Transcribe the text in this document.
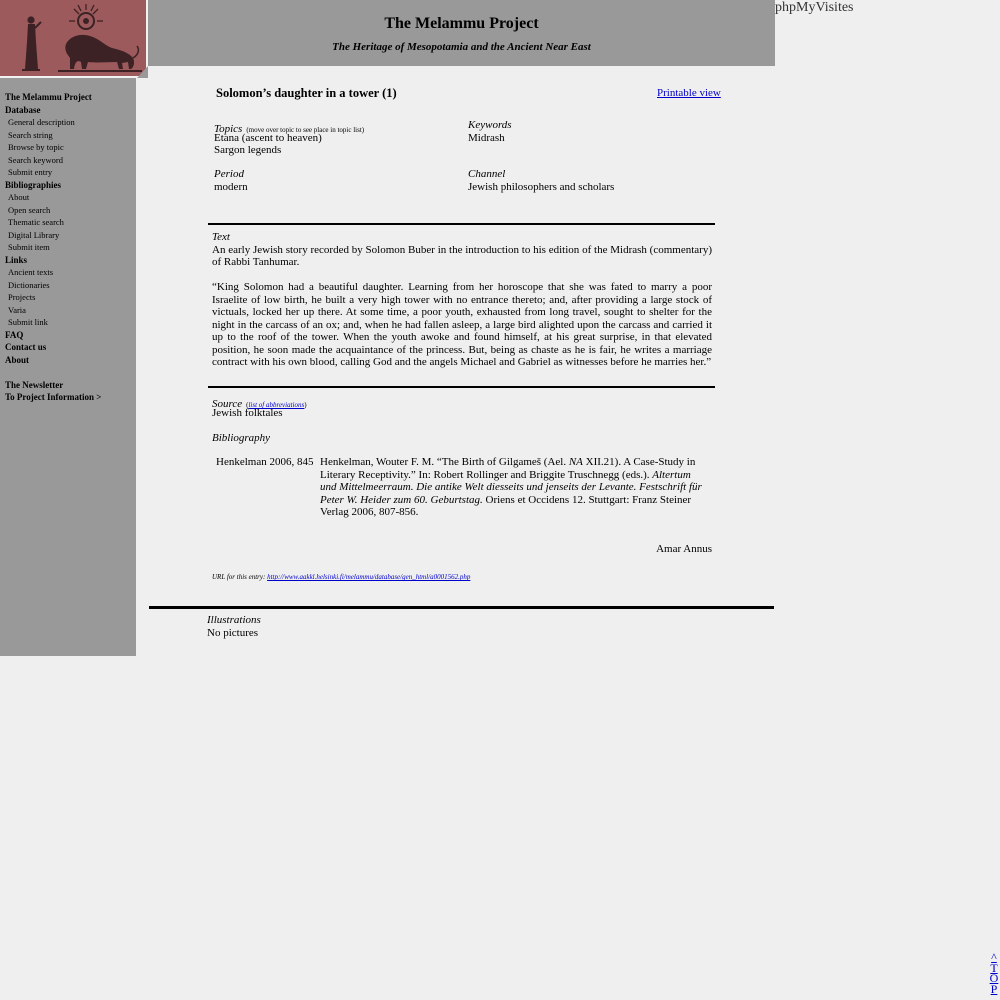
The Melammu Project
The Heritage of Mesopotamia and the Ancient Near East
phpMyVisites
The Melammu Project
Database
General description
Search string
Browse by topic
Search keyword
Submit entry
Bibliographies
About
Open search
Thematic search
Digital Library
Submit item
Links
Ancient texts
Dictionaries
Projects
Varia
Submit link
FAQ
Contact us
About
The Newsletter
To Project Information >
Solomon’s daughter in a tower (1)	Printable view
Topics (move over topic to see place in topic list)
Etana (ascent to heaven)
Sargon legends
Keywords
Midrash
Period
modern
Channel
Jewish philosophers and scholars

Text

An early Jewish story recorded by Solomon Buber in the introduction to his edition of the Midrash (commentary) of Rabbi Tanhumar.

“King Solomon had a beautiful daughter. Learning from her horoscope that she was fated to marry a poor Israelite of low birth, he built a very high tower with no entrance thereto; and, after providing a large stock of victuals, locked her up there. At some time, a poor youth, exhausted from long travel, sought to shelter for the night in the carcass of an ox; and, when he had fallen asleep, a large bird alighted upon the carcass and carried it up to the roof of the tower. When the youth awoke and found himself, at his great surprise, in that elevated position, he soon made the acquaintance of the princess. But, being as chaste as he is fair, he writes a marriage contract with his own blood, calling God and the angels Michael and Gabriel as witnesses before he marries her.”

Source (list of abbreviations)
Jewish folktales
Bibliography
Henkelman 2006, 845 Henkelman, Wouter F. M. “The Birth of Gilgameš (Ael. NA XII.21). A Case-Study in Literary Receptivity.” In: Robert Rollinger and Briggite Truschnegg (eds.). Altertum und Mittelmeerraum. Die antike Welt diesseits und jenseits der Levante. Festschrift für Peter W. Heider zum 60. Geburtstag. Oriens et Occidens 12. Stuttgart: Franz Steiner Verlag 2006, 807-856.
Amar Annus
URL for this entry: http://www.aakkl.helsinki.fi/melammu/database/gen_html/a0001562.php
Illustrations
No pictures
^
T
O
P
